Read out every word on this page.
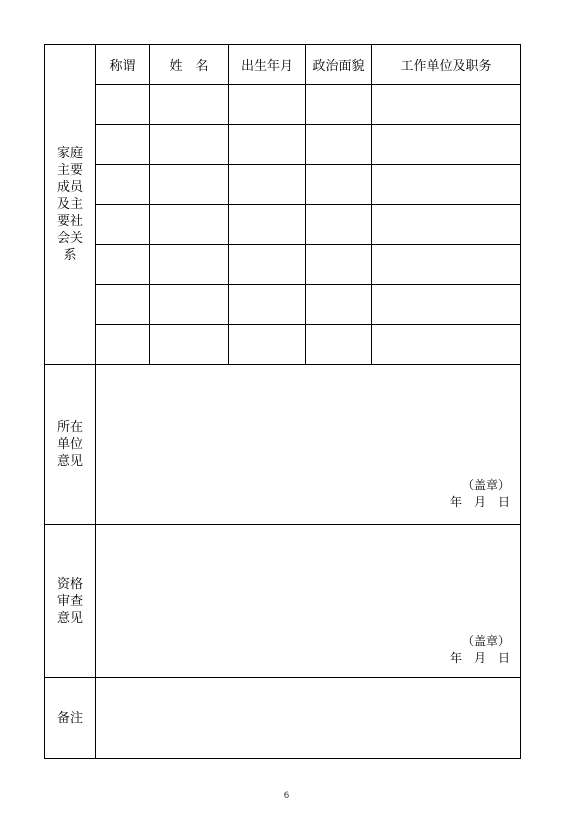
家庭主要成员及主要社会关系	称谓	姓　名	出生年月	政治面貌	工作单位及职务

所在单位意见	（盖章）
年　月　日				

资格审查意见	（盖章）
年　月　日				

备注					
6
